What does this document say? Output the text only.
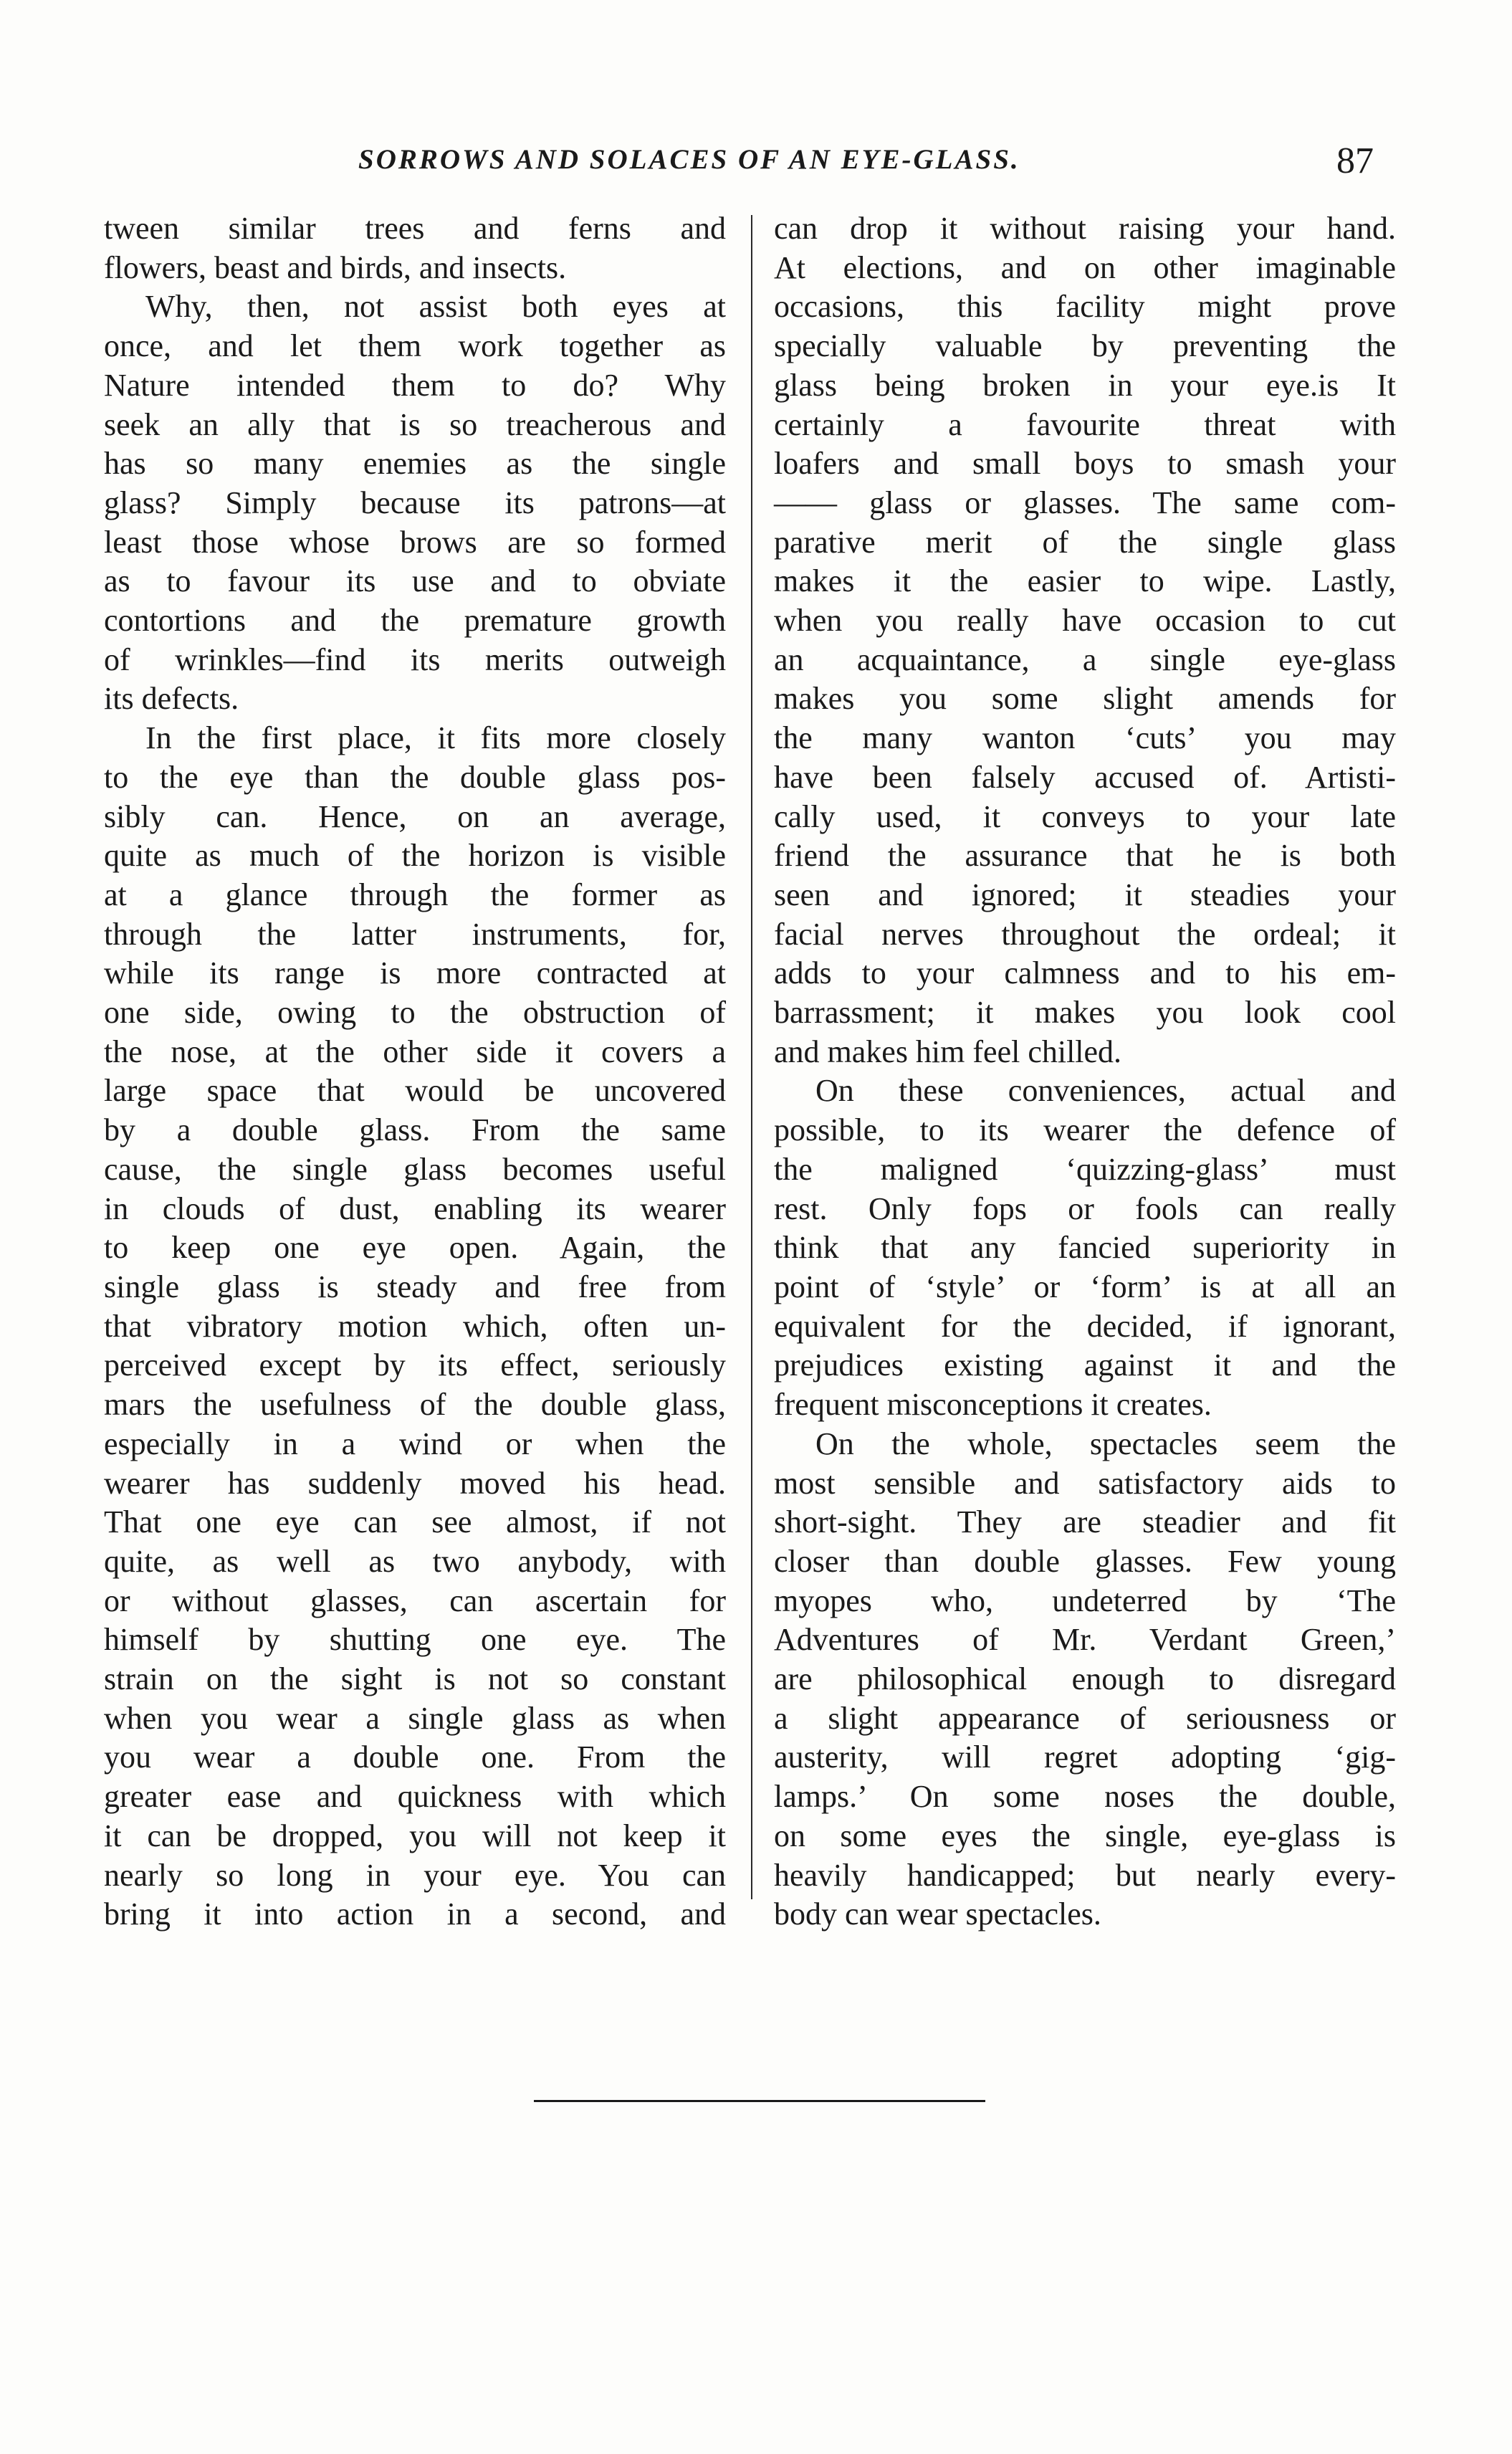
SORROWS AND SOLACES OF AN EYE-GLASS.	87
tween similar trees and ferns and
flowers, beast and birds, and insects.
Why, then, not assist both eyes at
once, and let them work together as
Nature intended them to do? Why
seek an ally that is so treacherous and
has so many enemies as the single
glass? Simply because its patrons—at
least those whose brows are so formed
as to favour its use and to obviate
contortions and the premature growth
of wrinkles—find its merits outweigh
its defects.
In the first place, it fits more closely
to the eye than the double glass pos-
sibly can. Hence, on an average,
quite as much of the horizon is visible
at a glance through the former as
through the latter instruments, for,
while its range is more contracted at
one side, owing to the obstruction of
the nose, at the other side it covers a
large space that would be uncovered
by a double glass. From the same
cause, the single glass becomes useful
in clouds of dust, enabling its wearer
to keep one eye open. Again, the
single glass is steady and free from
that vibratory motion which, often un-
perceived except by its effect, seriously
mars the usefulness of the double glass,
especially in a wind or when the
wearer has suddenly moved his head.
That one eye can see almost, if not
quite, as well as two anybody, with
or without glasses, can ascertain for
himself by shutting one eye. The
strain on the sight is not so constant
when you wear a single glass as when
you wear a double one. From the
greater ease and quickness with which
it can be dropped, you will not keep it
nearly so long in your eye. You can
bring it into action in a second, and
can drop it without raising your hand.
At elections, and on other imaginable
occasions, this facility might prove
specially valuable by preventing the
glass being broken in your eye.is It
certainly a favourite threat with
loafers and small boys to smash your
—— glass or glasses. The same com-
parative merit of the single glass
makes it the easier to wipe. Lastly,
when you really have occasion to cut
an acquaintance, a single eye-glass
makes you some slight amends for
the many wanton ‘cuts’ you may
have been falsely accused of. Artisti-
cally used, it conveys to your late
friend the assurance that he is both
seen and ignored; it steadies your
facial nerves throughout the ordeal; it
adds to your calmness and to his em-
barrassment; it makes you look cool
and makes him feel chilled.
On these conveniences, actual and
possible, to its wearer the defence of
the maligned ‘quizzing-glass’ must
rest. Only fops or fools can really
think that any fancied superiority in
point of ‘style’ or ‘form’ is at all an
equivalent for the decided, if ignorant,
prejudices existing against it and the
frequent misconceptions it creates.
On the whole, spectacles seem the
most sensible and satisfactory aids to
short-sight. They are steadier and fit
closer than double glasses. Few young
myopes who, undeterred by ‘The
Adventures of Mr. Verdant Green,’
are philosophical enough to disregard
a slight appearance of seriousness or
austerity, will regret adopting ‘gig-
lamps.’ On some noses the double,
on some eyes the single, eye-glass is
heavily handicapped; but nearly every-
body can wear spectacles.
